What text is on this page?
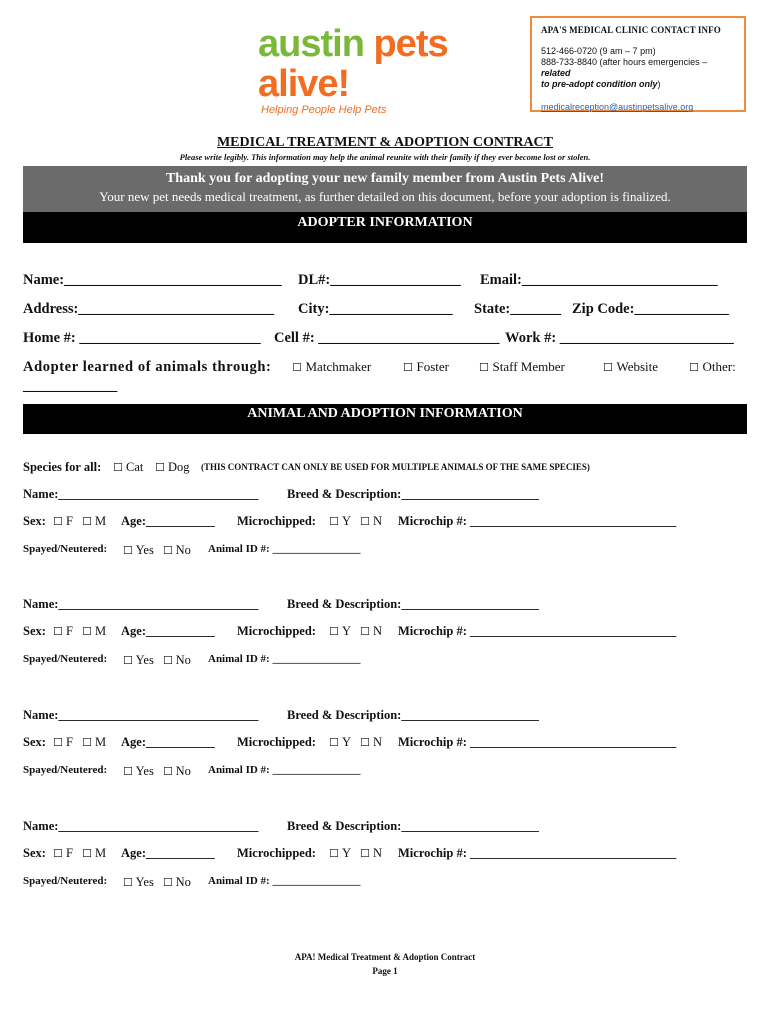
austin pets alive!
Helping People Help Pets
APA'S MEDICAL CLINIC CONTACT INFO
512-466-0720 (9 am – 7 pm)
888-733-8840 (after hours emergencies – related
to pre-adopt condition only)
medicalreception@austinpetsalive.org
MEDICAL TREATMENT & ADOPTION CONTRACT
Please write legibly. This information may help the animal reunite with their family if they ever become lost or stolen.
Thank you for adopting your new family member from Austin Pets Alive!
Your new pet needs medical treatment, as further detailed on this document, before your adoption is finalized.
ADOPTER INFORMATION
Name:______________________________ DL#:__________________ Email:___________________________
Address:___________________________ City:_________________ State:_______ Zip Code:_____________
Home #: _________________________ Cell #: _________________________ Work #: ________________________
Adopter learned of animals through: ☐ Matchmaker	☐ Foster	☐ Staff Member	☐ Website	☐ Other:
_____________
ANIMAL AND ADOPTION INFORMATION
Species for all: ☐ Cat ☐ Dog (THIS CONTRACT CAN ONLY BE USED FOR MULTIPLE ANIMALS OF THE SAME SPECIES)
Name:________________________________ Breed & Description:______________________
Sex: ☐ F ☐ M Age:___________ Microchipped: ☐ Y ☐ N Microchip #: _________________________________
Spayed/Neutered: ☐ Yes ☐ No Animal ID #: ________________
Name:________________________________ Breed & Description:______________________
Sex: ☐ F ☐ M Age:___________ Microchipped: ☐ Y ☐ N Microchip #: _________________________________
Spayed/Neutered: ☐ Yes ☐ No Animal ID #: ________________
Name:________________________________ Breed & Description:______________________
Sex: ☐ F ☐ M Age:___________ Microchipped: ☐ Y ☐ N Microchip #: _________________________________
Spayed/Neutered: ☐ Yes ☐ No Animal ID #: ________________
Name:________________________________ Breed & Description:______________________
Sex: ☐ F ☐ M Age:___________ Microchipped: ☐ Y ☐ N Microchip #: _________________________________
Spayed/Neutered: ☐ Yes ☐ No Animal ID #: ________________
APA! Medical Treatment & Adoption Contract
Page 1
